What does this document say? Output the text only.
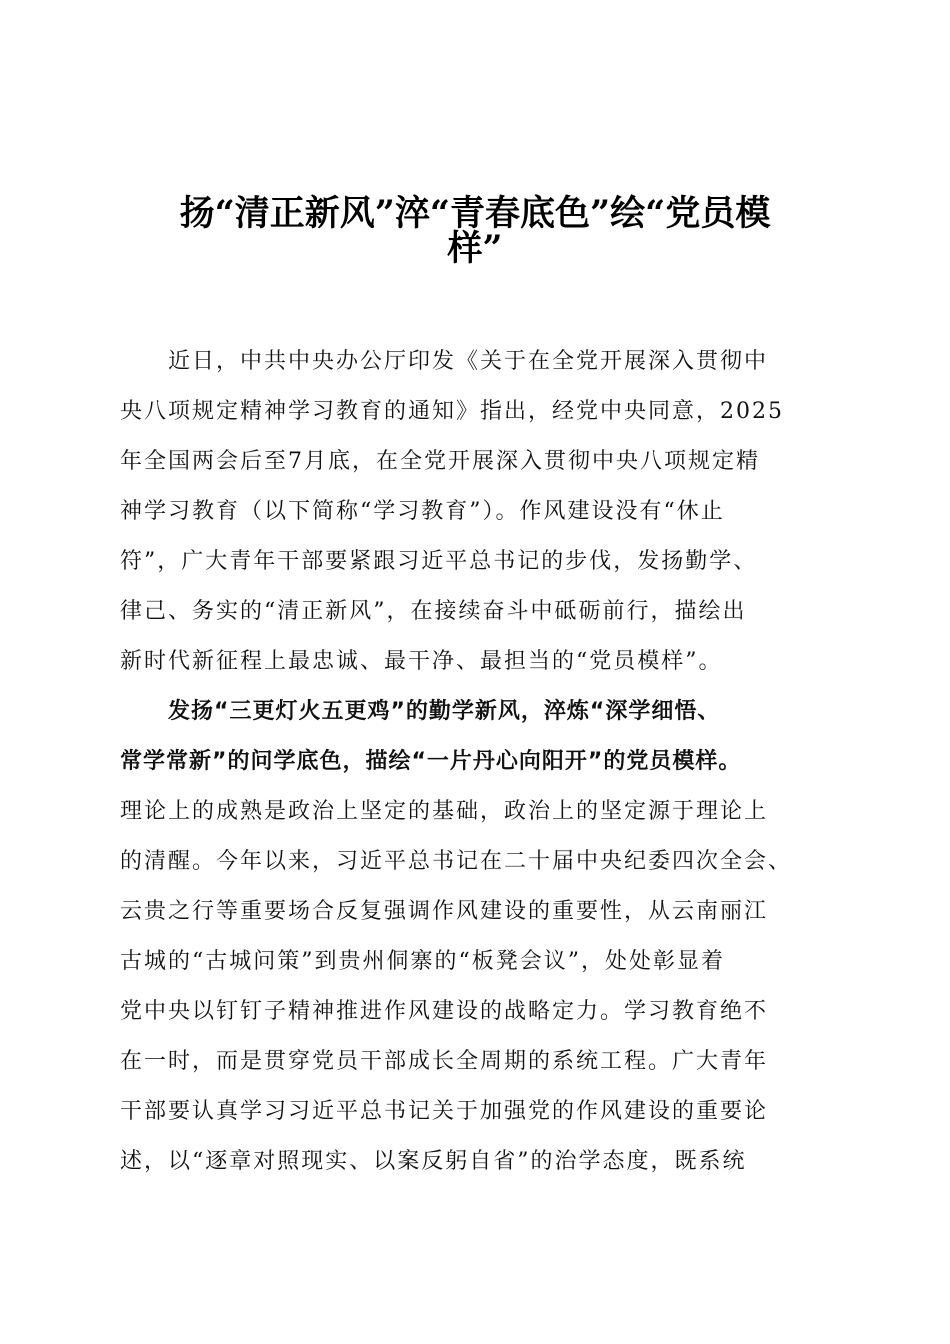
扬“清正新风”淬“青春底色”绘“党员模
样”

近日，中共中央办公厅印发《关于在全党开展深入贯彻中

央八项规定精神学习教育的通知》指出，经党中央同意，2025

年全国两会后至7月底，在全党开展深入贯彻中央八项规定精

神学习教育（以下简称“学习教育”）。作风建设没有“休止

符”，广大青年干部要紧跟习近平总书记的步伐，发扬勤学、

律己、务实的“清正新风”，在接续奋斗中砥砺前行，描绘出

新时代新征程上最忠诚、最干净、最担当的“党员模样”。

发扬“三更灯火五更鸡”的勤学新风，淬炼“深学细悟、

常学常新”的问学底色，描绘“一片丹心向阳开”的党员模样。

理论上的成熟是政治上坚定的基础，政治上的坚定源于理论上

的清醒。今年以来，习近平总书记在二十届中央纪委四次全会、

云贵之行等重要场合反复强调作风建设的重要性，从云南丽江

古城的“古城问策”到贵州侗寨的“板凳会议”，处处彰显着

党中央以钉钉子精神推进作风建设的战略定力。学习教育绝不

在一时，而是贯穿党员干部成长全周期的系统工程。广大青年

干部要认真学习习近平总书记关于加强党的作风建设的重要论

述，以“逐章对照现实、以案反躬自省”的治学态度，既系统
